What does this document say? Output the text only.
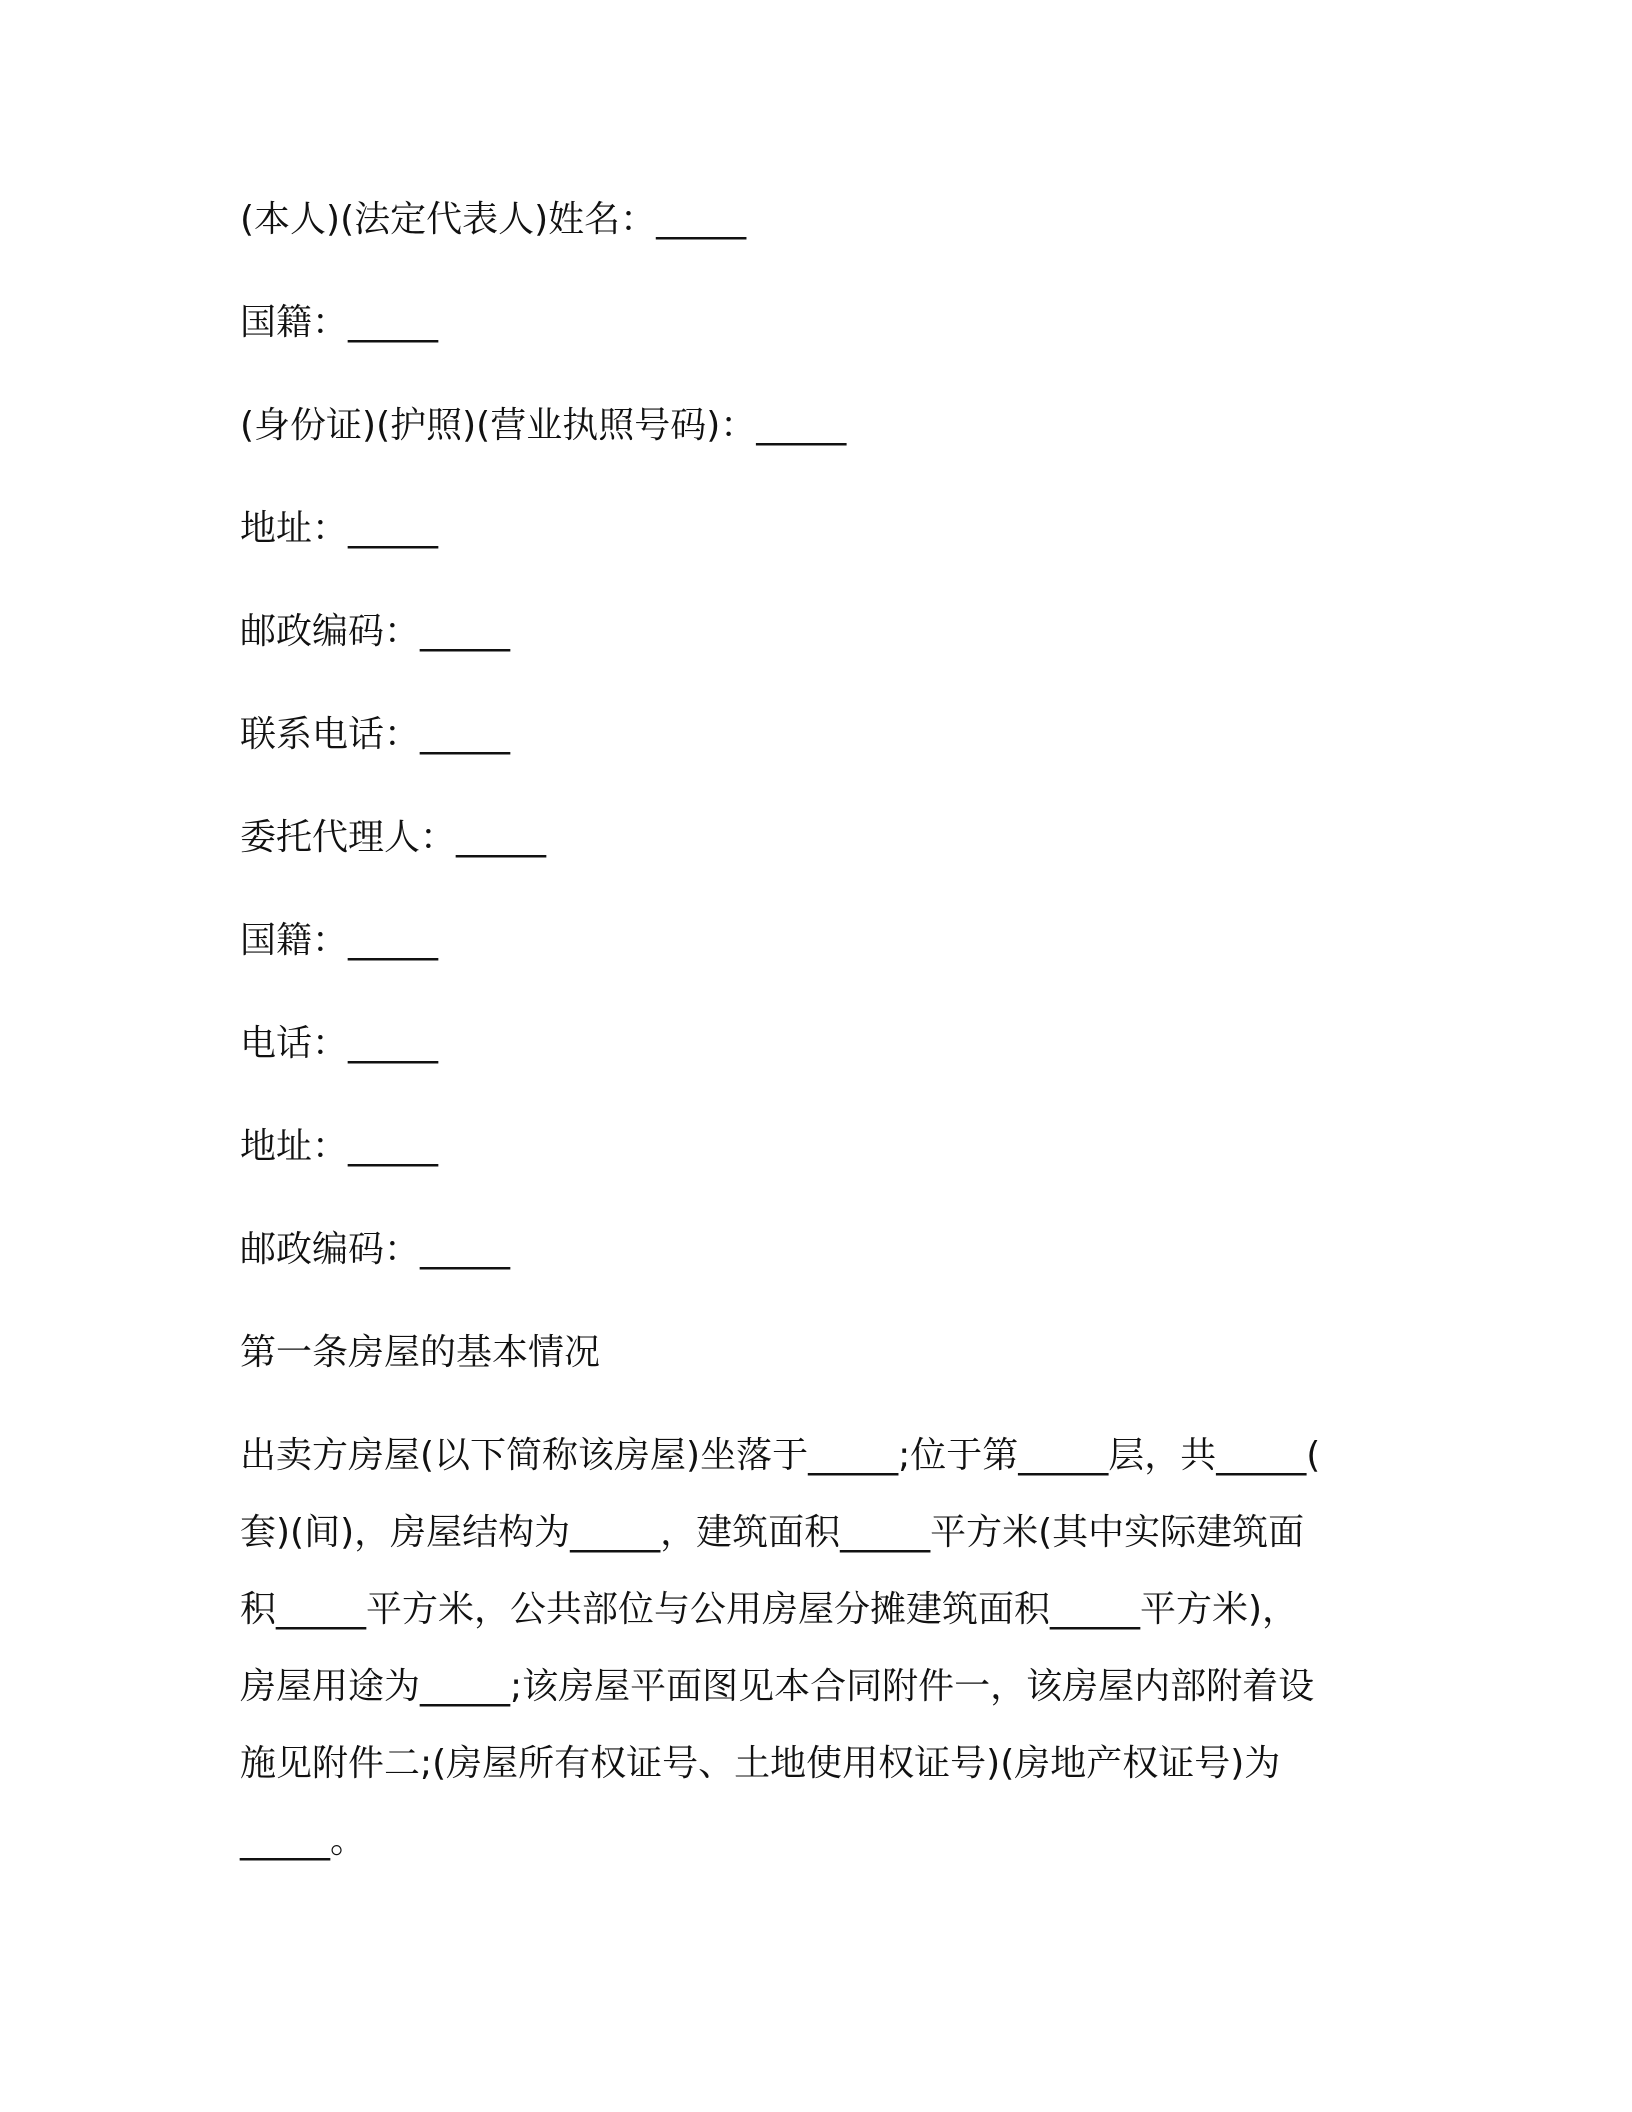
(本人)(法定代表人)姓名：_____
国籍：_____
(身份证)(护照)(营业执照号码)：_____
地址：_____
邮政编码：_____
联系电话：_____
委托代理人：_____
国籍：_____
电话：_____
地址：_____
邮政编码：_____
第一条房屋的基本情况
出卖方房屋(以下简称该房屋)坐落于_____;位于第_____层，共_____(
套)(间)，房屋结构为_____，建筑面积_____平方米(其中实际建筑面
积_____平方米，公共部位与公用房屋分摊建筑面积_____平方米)，
房屋用途为_____;该房屋平面图见本合同附件一，该房屋内部附着设
施见附件二;(房屋所有权证号、土地使用权证号)(房地产权证号)为
_____。
